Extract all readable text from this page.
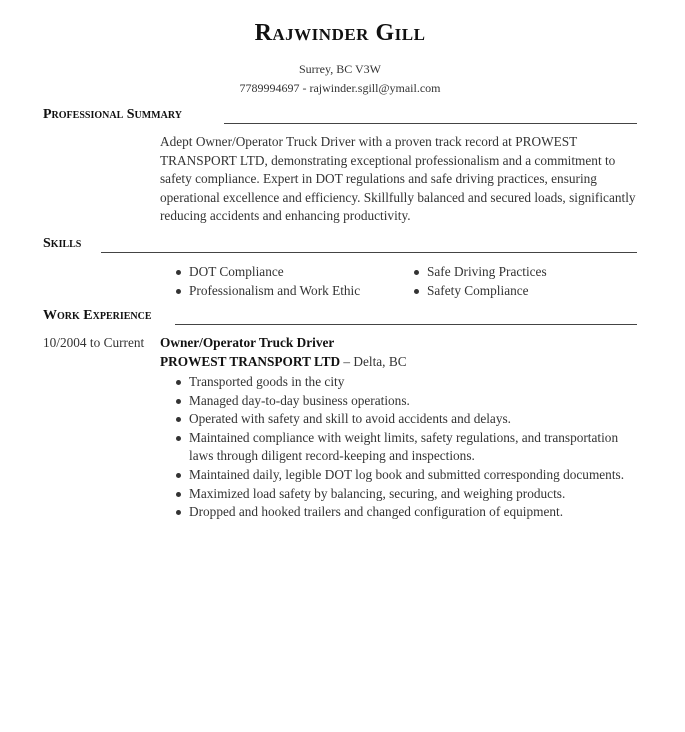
Rajwinder Gill
Surrey, BC V3W
7789994697 - rajwinder.sgill@ymail.com
Professional Summary
Adept Owner/Operator Truck Driver with a proven track record at PROWEST TRANSPORT LTD, demonstrating exceptional professionalism and a commitment to safety compliance. Expert in DOT regulations and safe driving practices, ensuring operational excellence and efficiency. Skillfully balanced and secured loads, significantly reducing accidents and enhancing productivity.
Skills
DOT Compliance
Professionalism and Work Ethic
Safe Driving Practices
Safety Compliance
Work Experience
10/2004 to Current Owner/Operator Truck Driver
PROWEST TRANSPORT LTD – Delta, BC
Transported goods in the city
Managed day-to-day business operations.
Operated with safety and skill to avoid accidents and delays.
Maintained compliance with weight limits, safety regulations, and transportation laws through diligent record-keeping and inspections.
Maintained daily, legible DOT log book and submitted corresponding documents.
Maximized load safety by balancing, securing, and weighing products.
Dropped and hooked trailers and changed configuration of equipment.
